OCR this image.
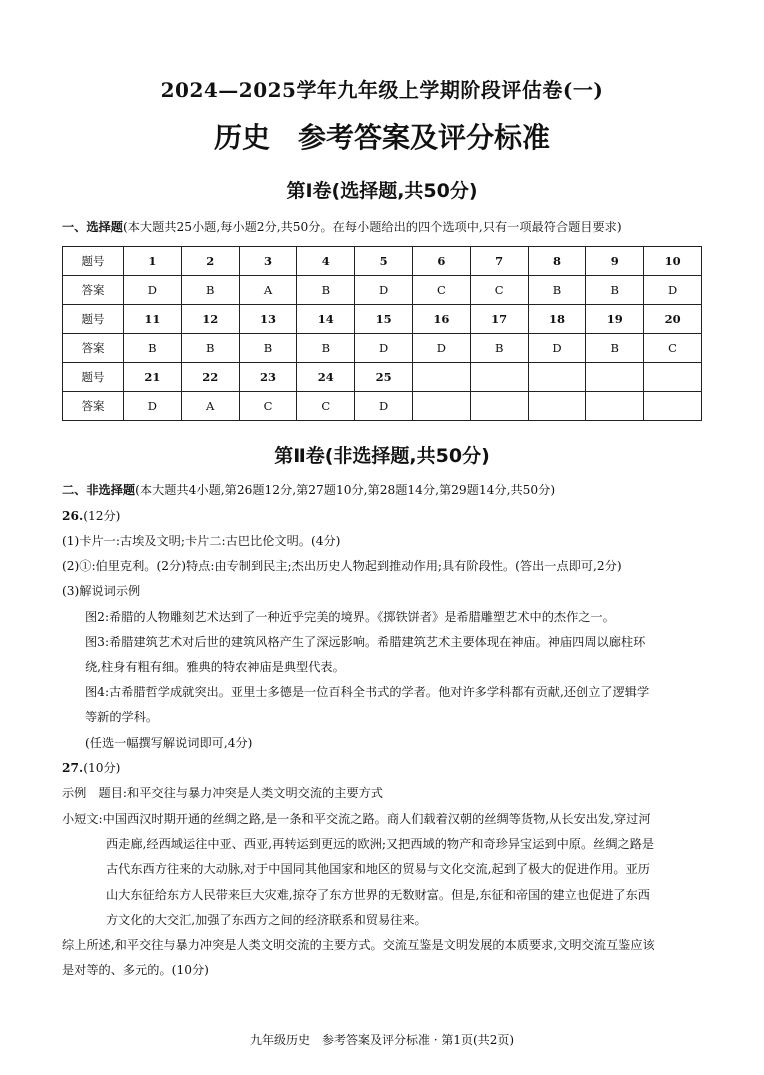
2024—2025学年九年级上学期阶段评估卷(一)
历史 参考答案及评分标准
第Ⅰ卷(选择题,共50分)
一、选择题(本大题共25小题,每小题2分,共50分。在每小题给出的四个选项中,只有一项最符合题目要求)
题号	1	2	3	4	5	6	7	8	9	10
答案	D	B	A	B	D	C	C	B	B	D
题号	11	12	13	14	15	16	17	18	19	20
答案	B	B	B	B	D	D	B	D	B	C
题号	21	22	23	24	25					
答案	D	A	C	C	D					
第Ⅱ卷(非选择题,共50分)
二、非选择题(本大题共4小题,第26题12分,第27题10分,第28题14分,第29题14分,共50分)
26.(12分)
(1)卡片一:古埃及文明;卡片二:古巴比伦文明。(4分)
(2)①:伯里克利。(2分)特点:由专制到民主;杰出历史人物起到推动作用;具有阶段性。(答出一点即可,2分)
(3)解说词示例
图2:希腊的人物雕刻艺术达到了一种近乎完美的境界。《掷铁饼者》是希腊雕塑艺术中的杰作之一。
图3:希腊建筑艺术对后世的建筑风格产生了深远影响。希腊建筑艺术主要体现在神庙。神庙四周以廊柱环
绕,柱身有粗有细。雅典的特农神庙是典型代表。
图4:古希腊哲学成就突出。亚里士多德是一位百科全书式的学者。他对许多学科都有贡献,还创立了逻辑学
等新的学科。
(任选一幅撰写解说词即可,4分)
27.(10分)
示例　题目:和平交往与暴力冲突是人类文明交流的主要方式
小短文:中国西汉时期开通的丝绸之路,是一条和平交流之路。商人们载着汉朝的丝绸等货物,从长安出发,穿过河
西走廊,经西域运往中亚、西亚,再转运到更远的欧洲;又把西域的物产和奇珍异宝运到中原。丝绸之路是
古代东西方往来的大动脉,对于中国同其他国家和地区的贸易与文化交流,起到了极大的促进作用。亚历
山大东征给东方人民带来巨大灾难,掠夺了东方世界的无数财富。但是,东征和帝国的建立也促进了东西
方文化的大交汇,加强了东西方之间的经济联系和贸易往来。
综上所述,和平交往与暴力冲突是人类文明交流的主要方式。交流互鉴是文明发展的本质要求,文明交流互鉴应该
是对等的、多元的。(10分)
九年级历史　参考答案及评分标准 · 第1页(共2页)
